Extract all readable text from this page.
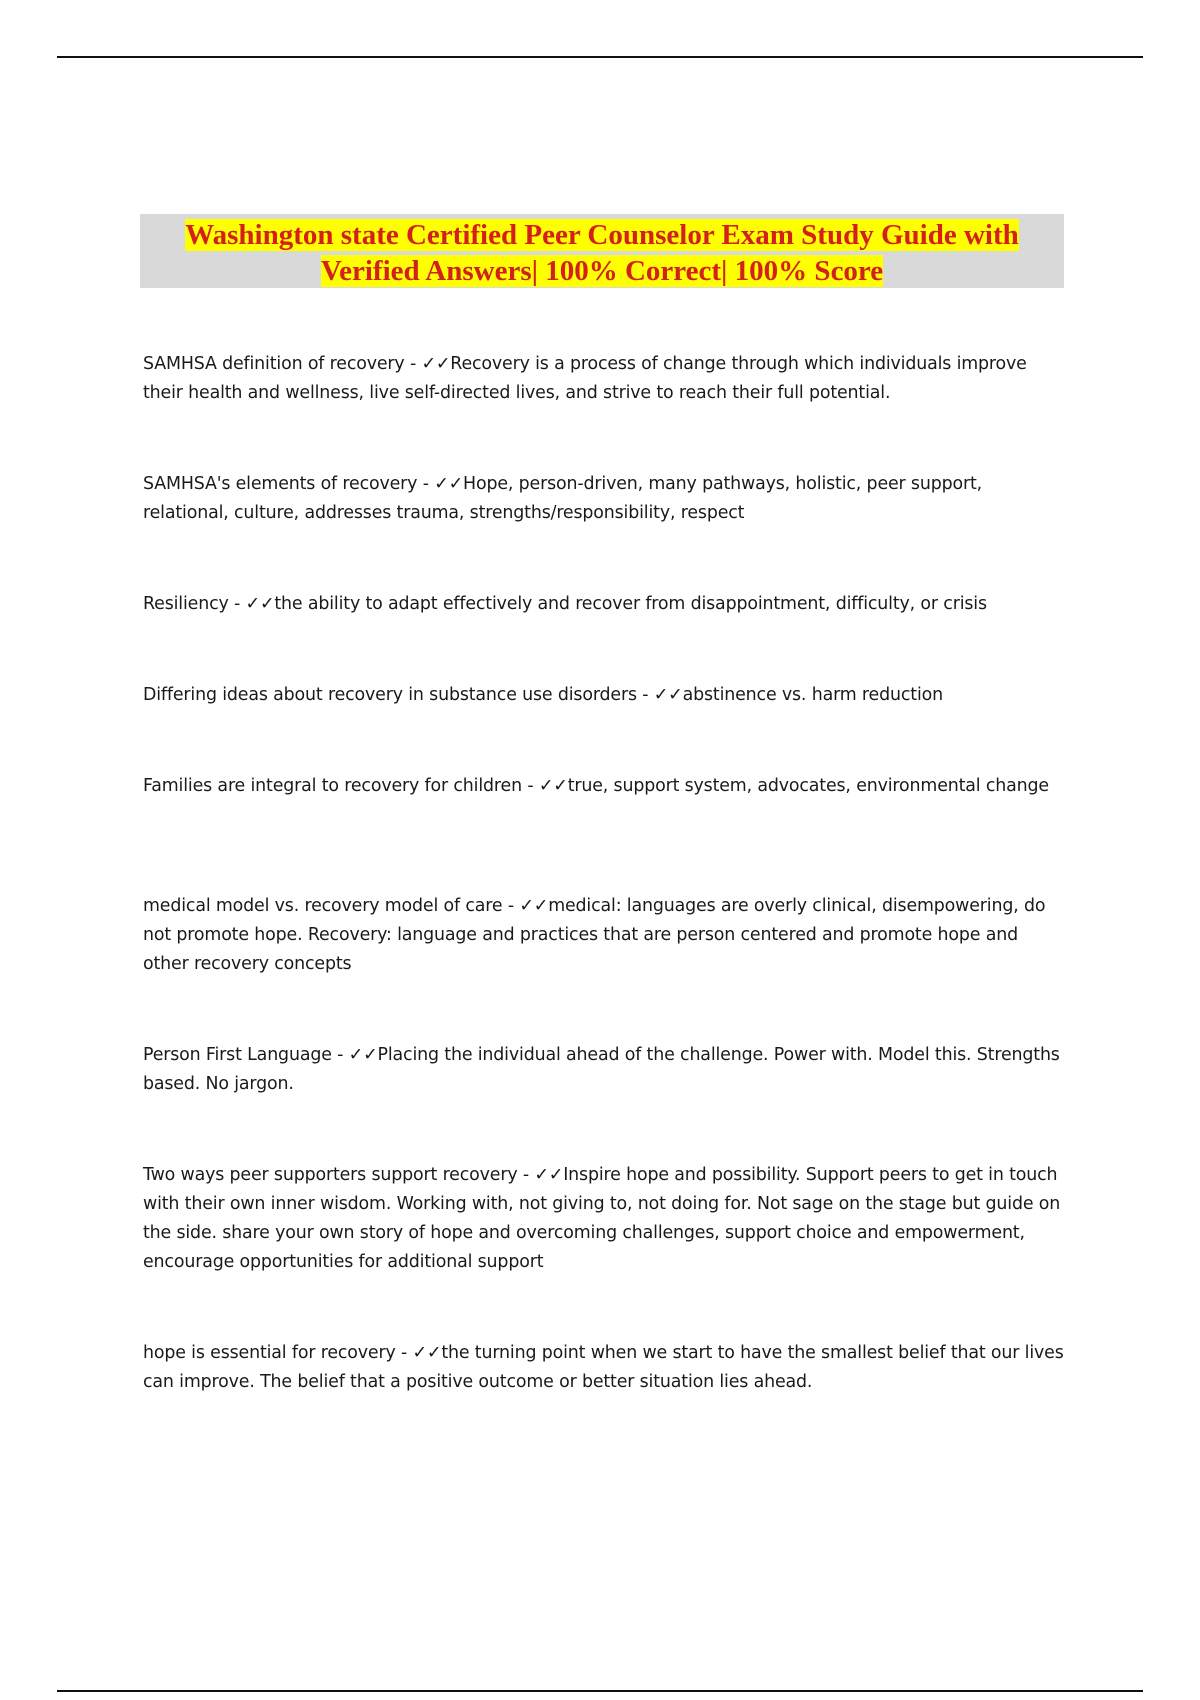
Washington state Certified Peer Counselor Exam Study Guide with
Verified Answers| 100% Correct| 100% Score

SAMHSA definition of recovery - ✓✓Recovery is a process of change through which individuals improve their health and wellness, live self-directed lives, and strive to reach their full potential.
SAMHSA's elements of recovery - ✓✓Hope, person-driven, many pathways, holistic, peer support, relational, culture, addresses trauma, strengths/responsibility, respect
Resiliency - ✓✓the ability to adapt effectively and recover from disappointment, difficulty, or crisis
Differing ideas about recovery in substance use disorders - ✓✓abstinence vs. harm reduction
Families are integral to recovery for children - ✓✓true, support system, advocates, environmental change
medical model vs. recovery model of care - ✓✓medical: languages are overly clinical, disempowering, do not promote hope. Recovery: language and practices that are person centered and promote hope and other recovery concepts
Person First Language - ✓✓Placing the individual ahead of the challenge. Power with. Model this. Strengths based. No jargon.
Two ways peer supporters support recovery - ✓✓Inspire hope and possibility. Support peers to get in touch with their own inner wisdom. Working with, not giving to, not doing for. Not sage on the stage but guide on the side. share your own story of hope and overcoming challenges, support choice and empowerment, encourage opportunities for additional support
hope is essential for recovery - ✓✓the turning point when we start to have the smallest belief that our lives can improve. The belief that a positive outcome or better situation lies ahead.
